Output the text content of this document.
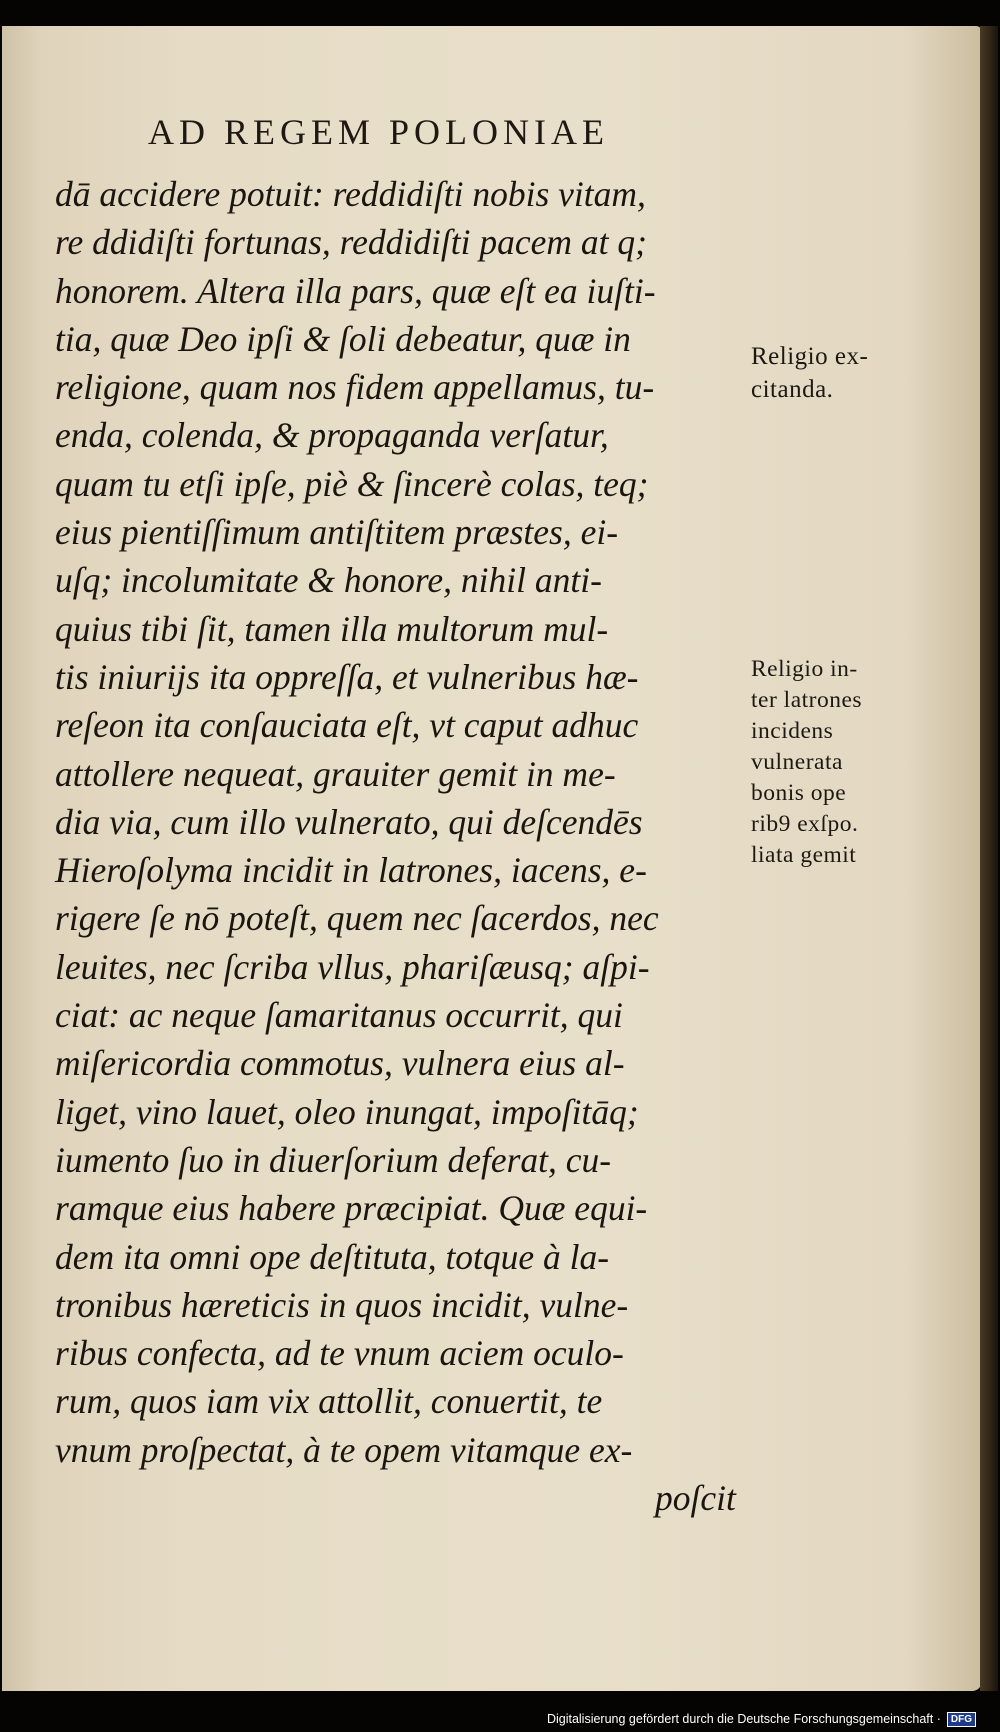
AD REGEM POLONIAE
dā accidere potuit: reddidiſti nobis vitam,
re ddidiſti fortunas, reddidiſti pacem at q;
honorem. Altera illa pars, quæ eſt ea iuſti-
tia, quæ Deo ipſi & ſoli debeatur, quæ in
religione, quam nos fidem appellamus, tu-
enda, colenda, & propaganda verſatur,
quam tu etſi ipſe, piè & ſincerè colas, teq;
eius pientiſſimum antiſtitem præstes, ei-
uſq; incolumitate & honore, nihil anti-
quius tibi ſit, tamen illa multorum mul-
tis iniurijs ita oppreſſa, et vulneribus hæ-
reſeon ita conſauciata eſt, vt caput adhuc
attollere nequeat, grauiter gemit in me-
dia via, cum illo vulnerato, qui deſcendēs
Hieroſolyma incidit in latrones, iacens, e-
rigere ſe nō poteſt, quem nec ſacerdos, nec
leuites, nec ſcriba vllus, phariſæusq; aſpi-
ciat: ac neque ſamaritanus occurrit, qui
miſericordia commotus, vulnera eius al-
liget, vino lauet, oleo inungat, impoſitāq;
iumento ſuo in diuerſorium deferat, cu-
ramque eius habere præcipiat. Quæ equi-
dem ita omni ope deſtituta, totque à la-
tronibus hæreticis in quos incidit, vulne-
ribus confecta, ad te vnum aciem oculo-
rum, quos iam vix attollit, conuertit, te
vnum proſpectat, à te opem vitamque ex-
poſcit
Religio ex-
citanda.
Religio in-
ter latrones
incidens
vulnerata
bonis ope
rib9 exſpo.
liata gemit
Digitalisierung gefördert durch die Deutsche Forschungsgemeinschaft ·	DFG
